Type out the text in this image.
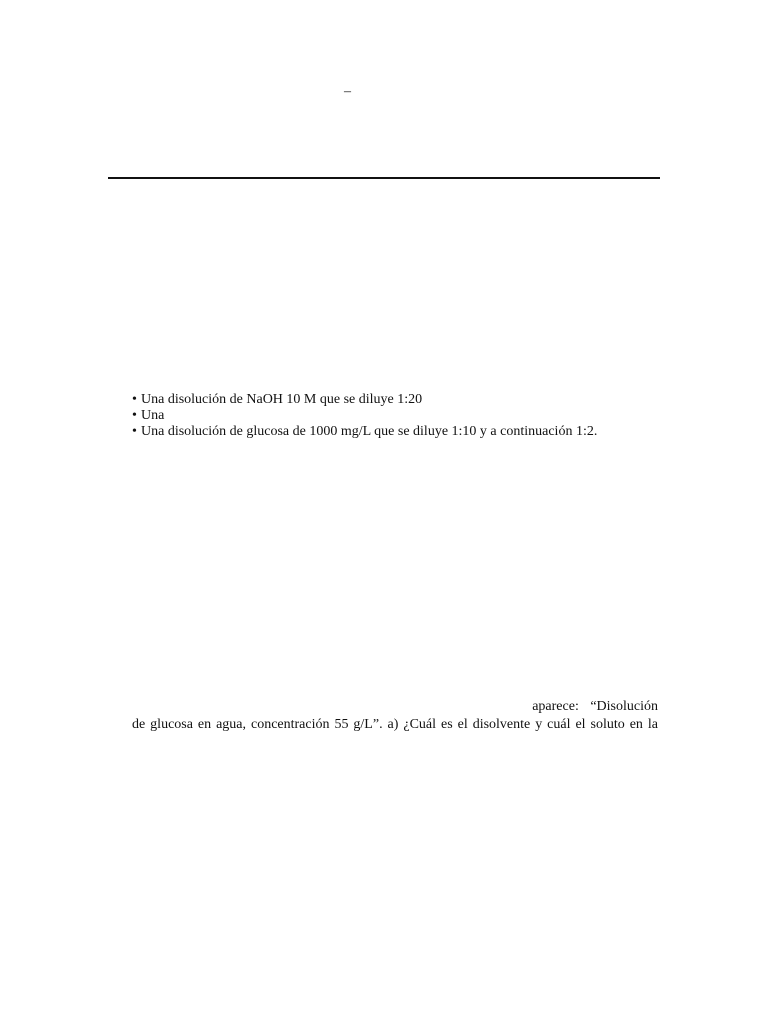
–
• Una disolución de NaOH 10 M que se diluye 1:20
• Una
• Una disolución de glucosa de 1000 mg/L que se diluye 1:10 y a continuación 1:2.
aparece: “Disolución
de glucosa en agua, concentración 55 g/L”. a) ¿Cuál es el disolvente y cuál el soluto en la
